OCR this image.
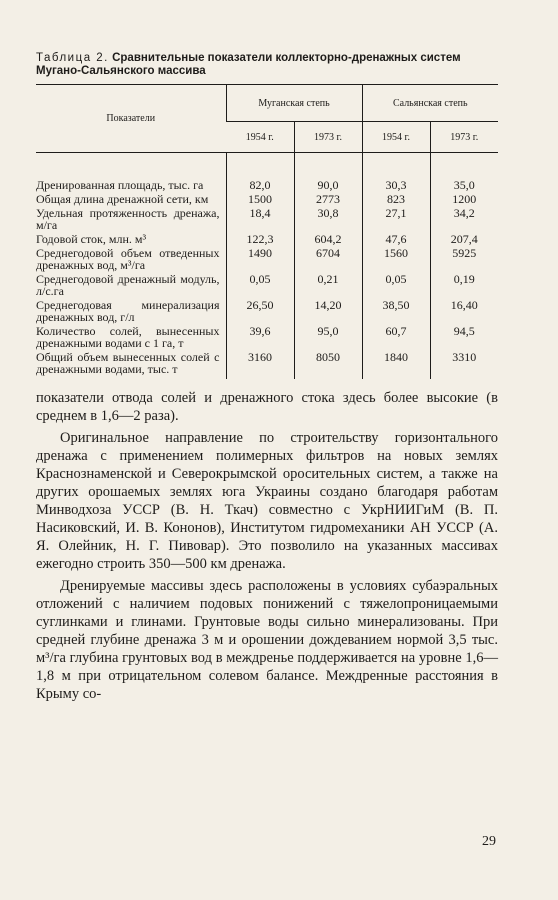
Таблица 2. Сравнительные показатели коллекторно-дренажных систем Мугано-Сальянского массива
Показатели	Муганская степь		Сальянская степь	
	1954 г.	1973 г.	1954 г.	1973 г.
Дренированная площадь, тыс. га	82,0	90,0	30,3	35,0
Общая длина дренажной сети, км	1500	2773	823	1200
Удельная протяженность дренажа, м/га	18,4	30,8	27,1	34,2
Годовой сток, млн. м³	122,3	604,2	47,6	207,4
Среднегодовой объем отведенных дренажных вод, м³/га	1490	6704	1560	5925
Среднегодовой дренажный модуль, л/с.га	0,05	0,21	0,05	0,19
Среднегодовая минерализация дренажных вод, г/л	26,50	14,20	38,50	16,40
Количество солей, вынесенных дренажными водами с 1 га, т	39,6	95,0	60,7	94,5
Общий объем вынесенных солей с дренажными водами, тыс. т	3160	8050	1840	3310

показатели отвода солей и дренажного стока здесь более высокие (в среднем в 1,6—2 раза).

Оригинальное направление по строительству горизонтального дренажа с применением полимерных фильтров на новых землях Краснознаменской и Северокрымской оросительных систем, а также на других орошаемых землях юга Украины создано благодаря работам Минводхоза УССР (В. Н. Ткач) совместно с УкрНИИГиМ (В. П. Насиковский, И. В. Кононов), Институтом гидромеханики АН УССР (А. Я. Олейник, Н. Г. Пивовар). Это позволило на указанных массивах ежегодно строить 350—500 км дренажа.

Дренируемые массивы здесь расположены в условиях субаэральных отложений с наличием подовых понижений с тяжелопроницаемыми суглинками и глинами. Грунтовые воды сильно минерализованы. При средней глубине дренажа 3 м и орошении дождеванием нормой 3,5 тыс. м³/га глубина грунтовых вод в междренье поддерживается на уровне 1,6—1,8 м при отрицательном солевом балансе. Междренные расстояния в Крыму со-

29
